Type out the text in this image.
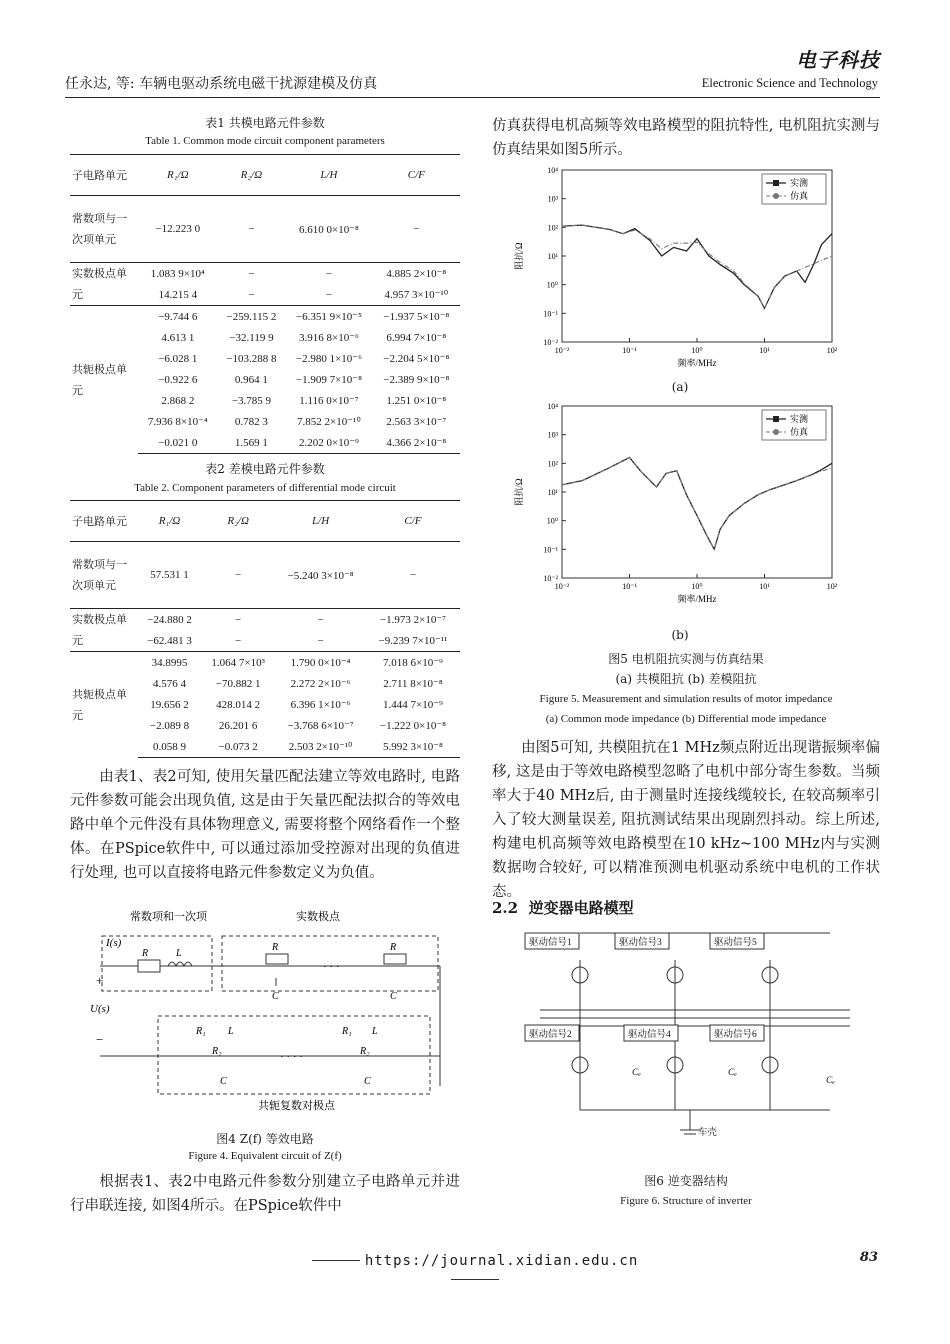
任永达, 等: 车辆电驱动系统电磁干扰源建模及仿真
电子科技
Electronic Science and Technology
表1 共模电路元件参数
Table 1. Common mode circuit component parameters
子电路单元	R₁/Ω	R₂/Ω	L/H	C/F
常数项与一次项单元	−12.223 0	−	6.610 0×10⁻⁸	−
实数极点单元	1.083 9×10⁴	−	−	4.885 2×10⁻⁸
	14.215 4	−	−	4.957 3×10⁻¹⁰
共轭极点单元	−9.744 6	−259.115 2	−6.351 9×10⁻⁵	−1.937 5×10⁻⁸
	4.613 1	−32.119 9	3.916 8×10⁻⁶	6.994 7×10⁻⁸
	−6.028 1	−103.288 8	−2.980 1×10⁻⁶	−2.204 5×10⁻⁸
	−0.922 6	0.964 1	−1.909 7×10⁻⁸	−2.389 9×10⁻⁸
	2.868 2	−3.785 9	1.116 0×10⁻⁷	1.251 0×10⁻⁸
	7.936 8×10⁻⁴	0.782 3	7.852 2×10⁻¹⁰	2.563 3×10⁻⁷
	−0.021 0	1.569 1	2.202 0×10⁻⁹	4.366 2×10⁻⁸
表2 差模电路元件参数
Table 2. Component parameters of differential mode circuit
子电路单元	R₁/Ω	R₂/Ω	L/H	C/F
常数项与一次项单元	57.531 1	−	−5.240 3×10⁻⁸	−
实数极点单元	−24.880 2	−	−	−1.973 2×10⁻⁷
	−62.481 3	−	−	−9.239 7×10⁻¹¹
共轭极点单元	34.8995	1.064 7×10³	1.790 0×10⁻⁴	7.018 6×10⁻⁹
	4.576 4	−70.882 1	2.272 2×10⁻⁶	2.711 8×10⁻⁸
	19.656 2	428.014 2	6.396 1×10⁻⁶	1.444 7×10⁻⁹
	−2.089 8	26.201 6	−3.768 6×10⁻⁷	−1.222 0×10⁻⁸
	0.058 9	−0.073 2	2.503 2×10⁻¹⁰	5.992 3×10⁻⁸
由表1、表2可知, 使用矢量匹配法建立等效电路时, 电路元件参数可能会出现负值, 这是由于矢量匹配法拟合的等效电路中单个元件没有具体物理意义, 需要将整个网络看作一个整体。在PSpice软件中, 可以通过添加受控源对出现的负值进行处理, 也可以直接将电路元件参数定义为负值。
常数项和一次项	实数极点
I(s)
+
R	L
R
C
· · ·
R
C
U(s)
−
R₁ L
R₂
C
· · · ·
R₁ L
R₂
C
共轭复数对极点
图4 Z(f) 等效电路
Figure 4. Equivalent circuit of Z(f)
根据表1、表2中电路元件参数分别建立子电路单元并进行串联连接, 如图4所示。在PSpice软件中
仿真获得电机高频等效电路模型的阻抗特性, 电机阻抗实测与仿真结果如图5所示。
10⁻²
10⁻¹
10⁰
10¹
10²
10³
10⁴
10⁻²	10⁻¹	10⁰	10¹	10²
频率/MHz
阻抗/Ω
实测
仿真
(a)
10⁻²
10⁻¹
10⁰
10¹
10²
10³
10⁴
10⁻²	10⁻¹	10⁰	10¹	10²
频率/MHz
阻抗/Ω
实测
仿真
(b)
图5 电机阻抗实测与仿真结果
(a) 共模阻抗 (b) 差模阻抗
Figure 5. Measurement and simulation results of motor impedance
(a) Common mode impedance (b) Differential mode impedance
由图5可知, 共模阻抗在1 MHz频点附近出现谐振频率偏移, 这是由于等效电路模型忽略了电机中部分寄生参数。当频率大于40 MHz后, 由于测量时连接线缆较长, 在较高频率引入了较大测量误差, 阻抗测试结果出现剧烈抖动。综上所述, 构建电机高频等效电路模型在10 kHz~100 MHz内与实测数据吻合较好, 可以精准预测电机驱动系统中电机的工作状态。
2.2 逆变器电路模型
驱动信号1	驱动信号3	驱动信号5
驱动信号2	驱动信号4	驱动信号6
Cₑ	Cₑ
Cₑ
车壳
图6 逆变器结构
Figure 6. Structure of inverter
https://journal.xidian.edu.cn	83
